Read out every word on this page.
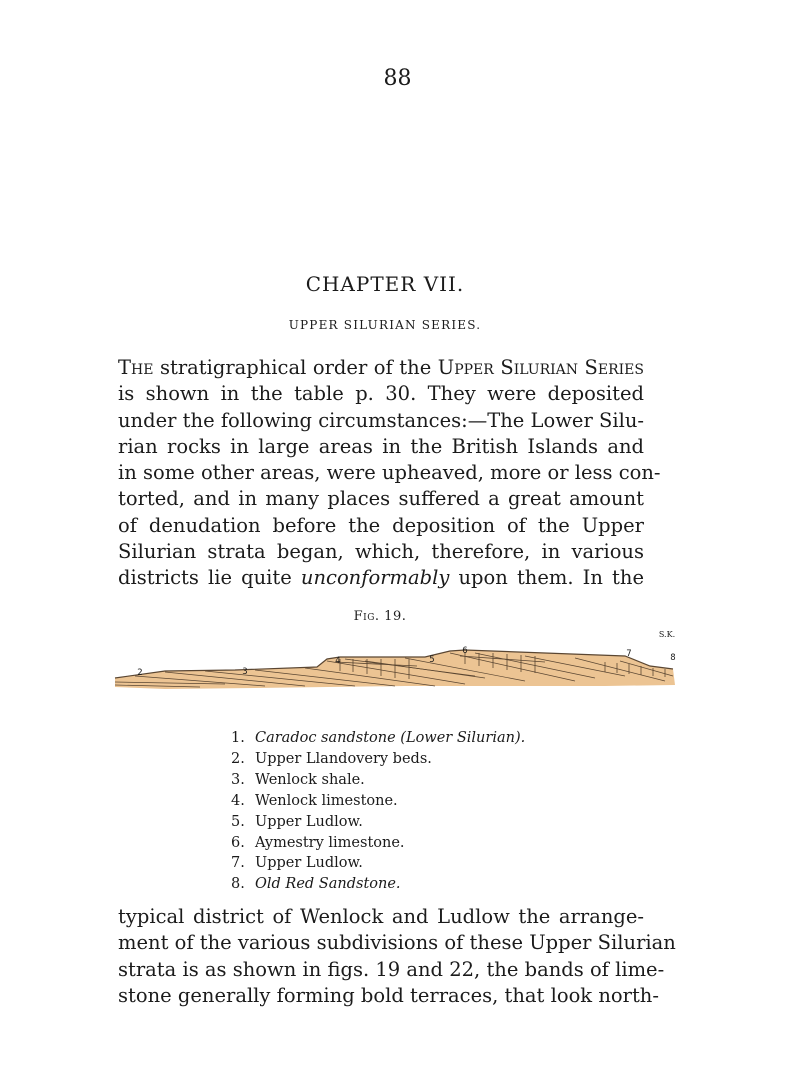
88
CHAPTER VII.
UPPER SILURIAN SERIES.
The stratigraphical order of the Upper Silurian Series
is shown in the table p. 30. They were deposited
under the following circumstances:—The Lower Silu-
rian rocks in large areas in the British Islands and
in some other areas, were upheaved, more or less con-
torted, and in many places suffered a great amount
of denudation before the deposition of the Upper
Silurian strata began, which, therefore, in various
districts lie quite unconformably upon them. In the
Fig. 19.
1
2	3
4	5
6	7	8
S.K.
1. Caradoc sandstone (Lower Silurian).
2. Upper Llandovery beds.
3. Wenlock shale.
4. Wenlock limestone.
5. Upper Ludlow.
6. Aymestry limestone.
7. Upper Ludlow.
8. Old Red Sandstone.
typical district of Wenlock and Ludlow the arrange-
ment of the various subdivisions of these Upper Silurian
strata is as shown in figs. 19 and 22, the bands of lime-
stone generally forming bold terraces, that look north-
